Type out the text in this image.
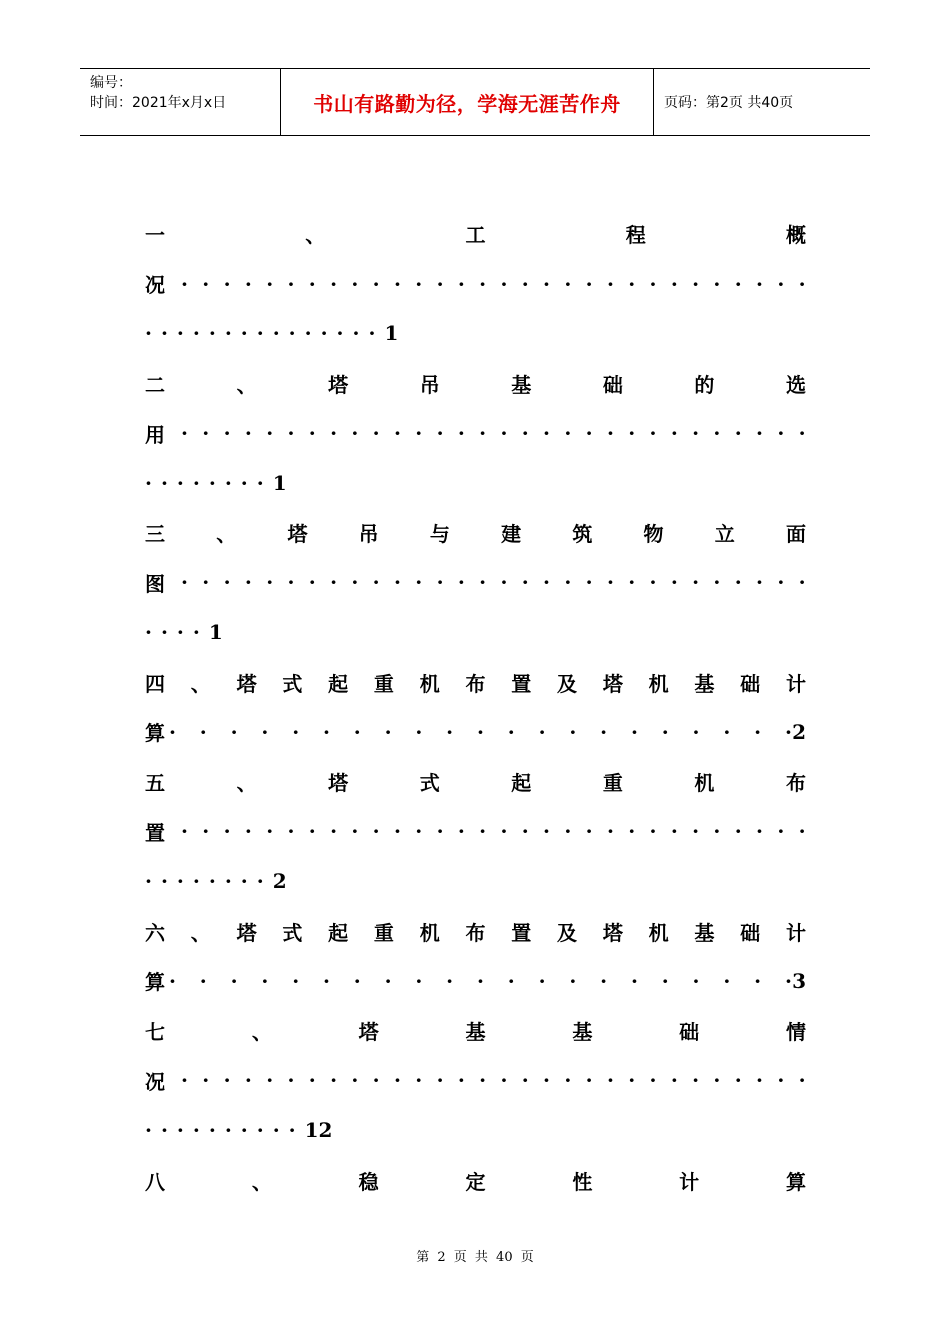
编号：
时间：2021年x月x日	书山有路勤为径，学海无涯苦作舟	页码：第2页 共40页
一	、	工	程	概
况 · · · · · · · · · · · · · · · · · · · · · · · · · · · · · ·
··············· 1
二	、	塔	吊	基	础	的	选
用 · · · · · · · · · · · · · · · · · · · · · · · · · · · · · ·
········ 1
三	、	塔	吊	与	建	筑	物	立	面
图 · · · · · · · · · · · · · · · · · · · · · · · · · · · · · ·
···· 1
四 、 塔 式 起 重 机 布 置 及 塔 机 基 础 计
算 · · · · · · · · · · · · · · · · · · · · · 2
五	、	塔	式	起	重	机	布
置 · · · · · · · · · · · · · · · · · · · · · · · · · · · · · ·
········ 2
六 、 塔 式 起 重 机 布 置 及 塔 机 基 础 计
算 · · · · · · · · · · · · · · · · · · · · · 3
七	、	塔	基	基	础	情
况 · · · · · · · · · · · · · · · · · · · · · · · · · · · · · ·
·········· 12
八	、	稳	定	性	计	算
第 2 页 共 40 页
